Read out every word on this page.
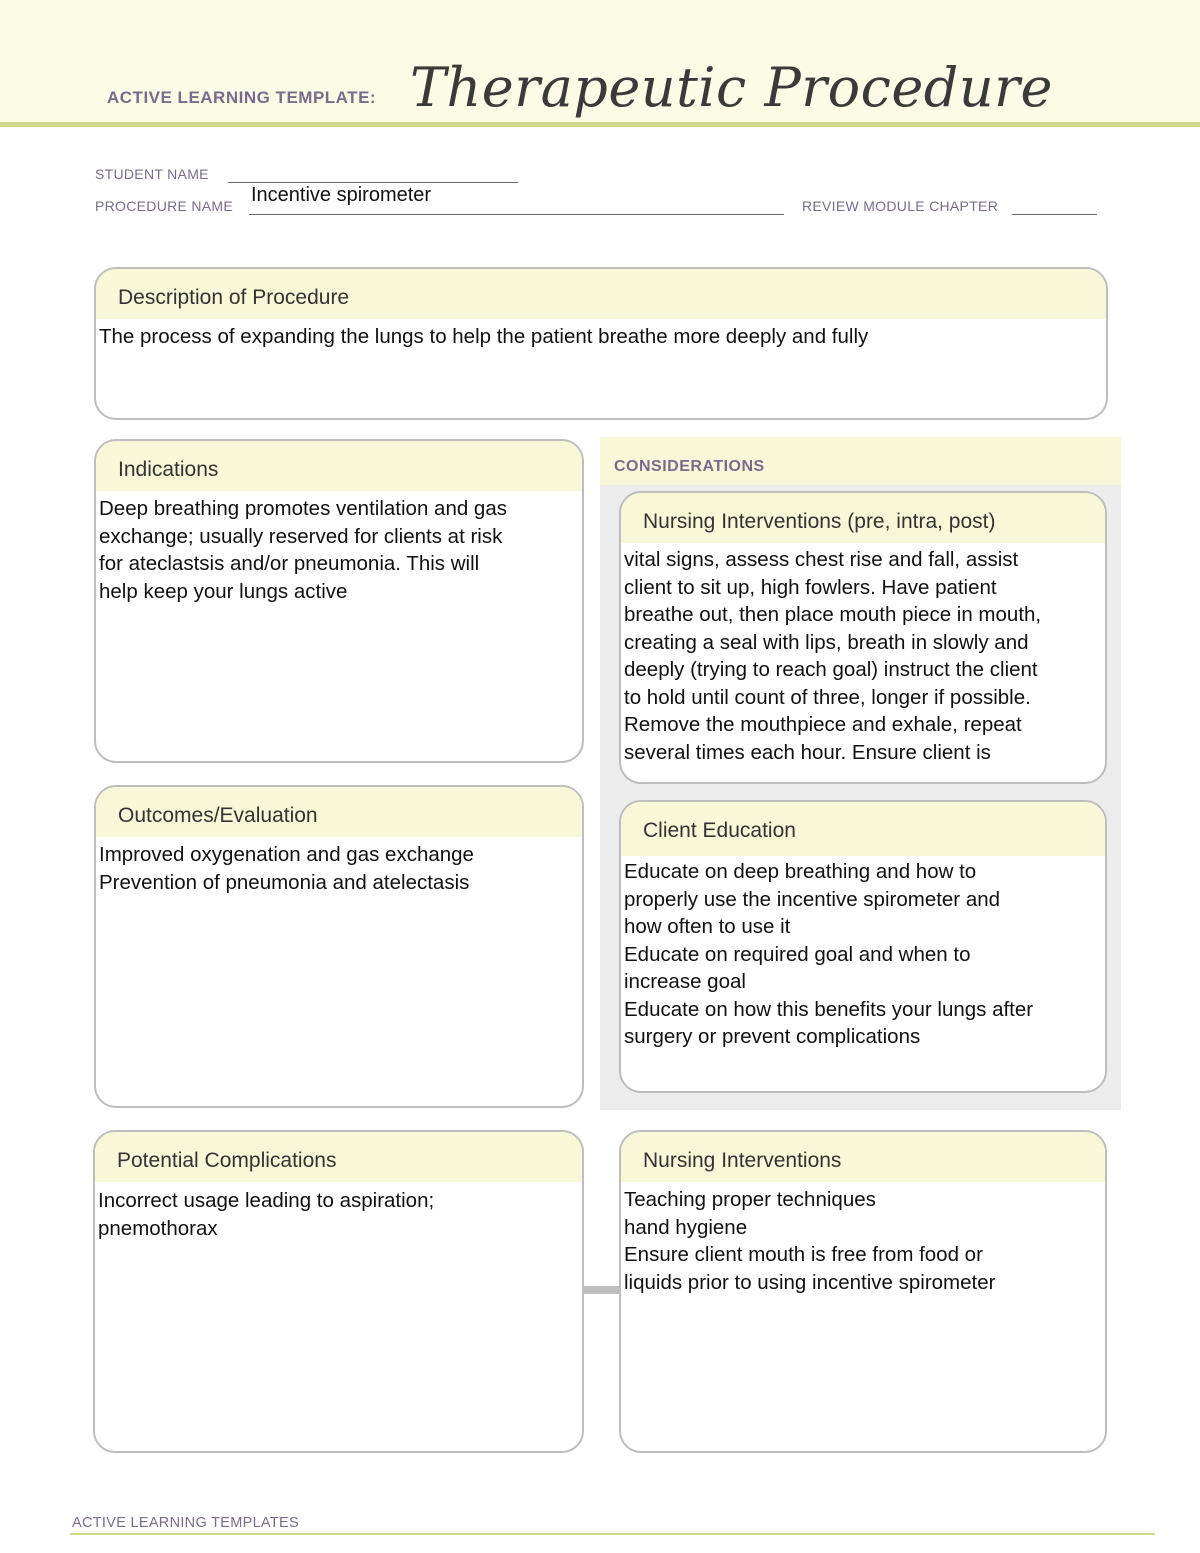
ACTIVE LEARNING TEMPLATE: Therapeutic Procedure
STUDENT NAME
PROCEDURE NAME Incentive spirometer	REVIEW MODULE CHAPTER
Description of Procedure
The process of expanding the lungs to help the patient breathe more deeply and fully
CONSIDERATIONS
Indications
Deep breathing promotes ventilation and gas
exchange; usually reserved for clients at risk
for ateclastsis and/or pneumonia. This will
help keep your lungs active
Nursing Interventions (pre, intra, post)
vital signs, assess chest rise and fall, assist
client to sit up, high fowlers. Have patient
breathe out, then place mouth piece in mouth,
creating a seal with lips, breath in slowly and
deeply (trying to reach goal) instruct the client
to hold until count of three, longer if possible.
Remove the mouthpiece and exhale, repeat
several times each hour. Ensure client is
Outcomes/Evaluation
Improved oxygenation and gas exchange
Prevention of pneumonia and atelectasis
Client Education
Educate on deep breathing and how to
properly use the incentive spirometer and
how often to use it
Educate on required goal and when to
increase goal
Educate on how this benefits your lungs after
surgery or prevent complications
Potential Complications
Incorrect usage leading to aspiration;
pnemothorax
Nursing Interventions
Teaching proper techniques
hand hygiene
Ensure client mouth is free from food or
liquids prior to using incentive spirometer
ACTIVE LEARNING TEMPLATES
